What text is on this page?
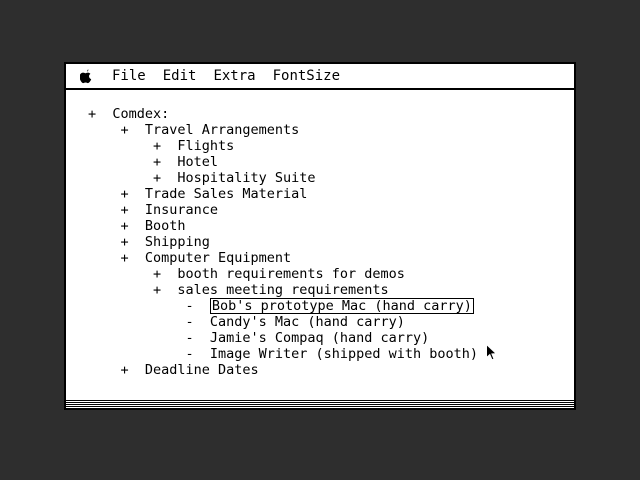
File Edit Extra FontSize
+ Comdex:
+ Travel Arrangements
+ Flights
+ Hotel
+ Hospitality Suite
+ Trade Sales Material
+ Insurance
+ Booth
+ Shipping
+ Computer Equipment
+ booth requirements for demos
+ sales meeting requirements
- Bob's prototype Mac (hand carry)
- Candy's Mac (hand carry)
- Jamie's Compaq (hand carry)
- Image Writer (shipped with booth)
+ Deadline Dates
